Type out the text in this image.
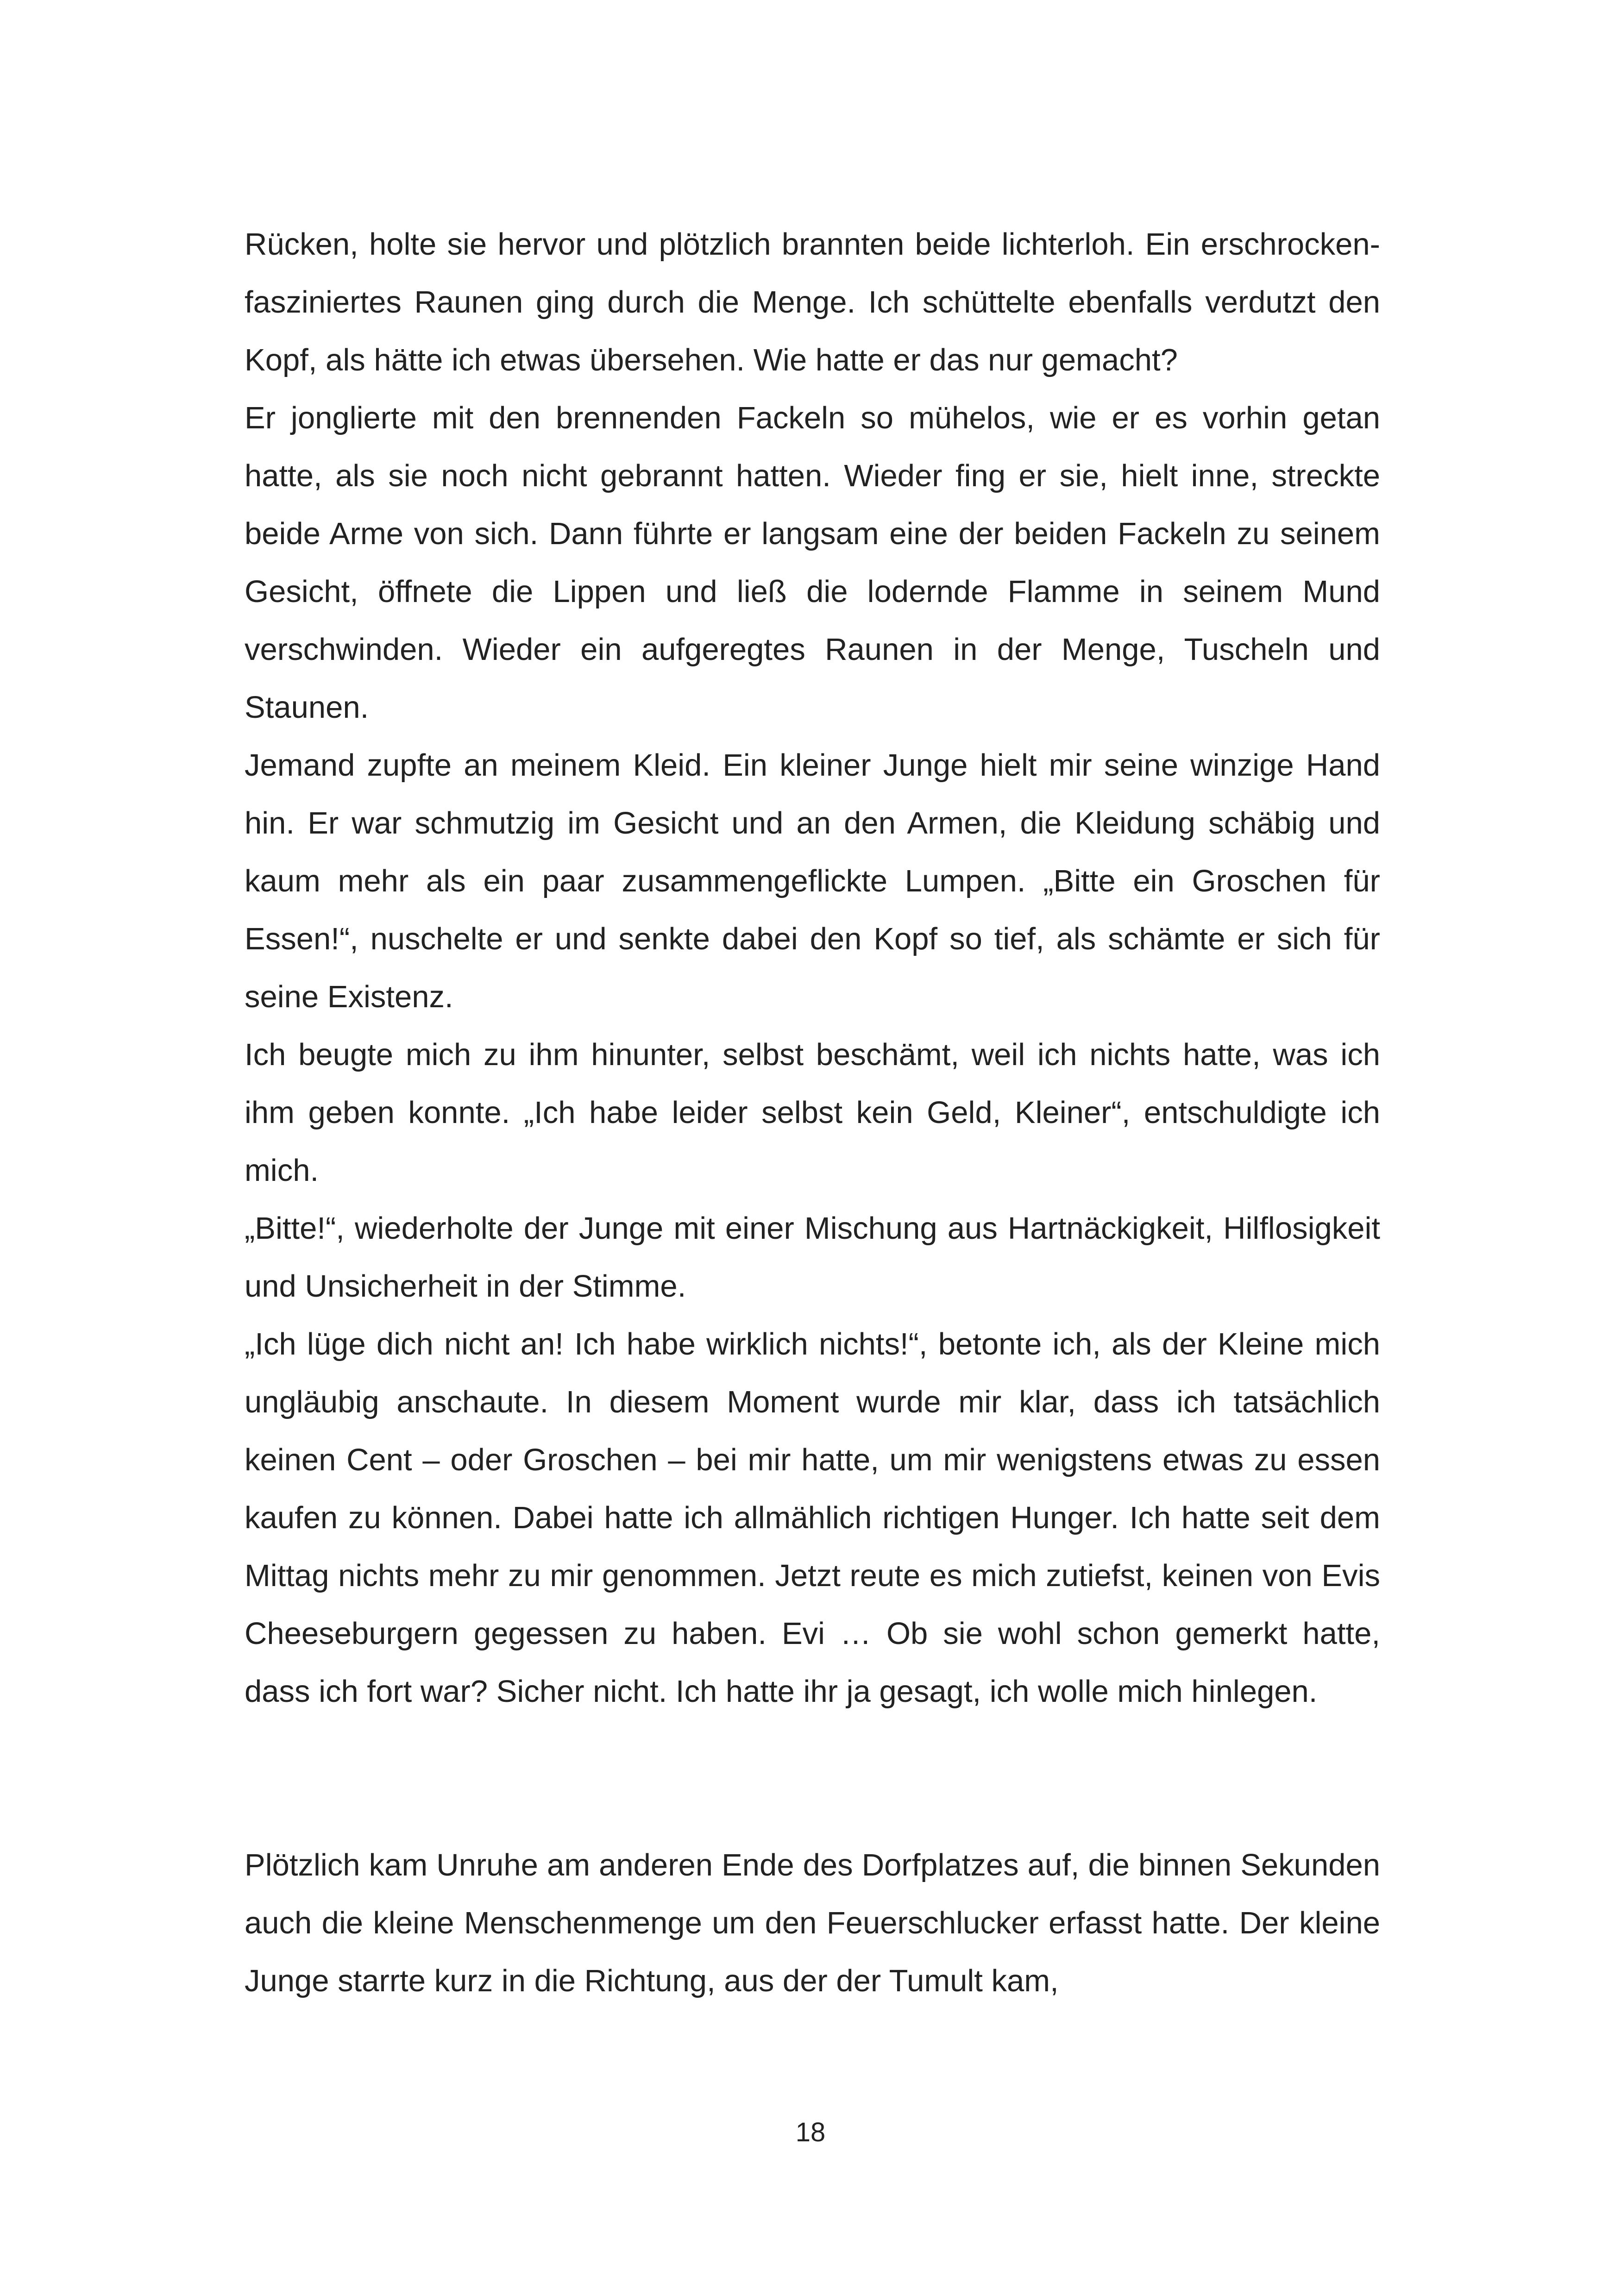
Rücken, holte sie hervor und plötzlich brannten beide lichterloh. Ein erschrocken-fasziniertes Raunen ging durch die Menge. Ich schüttelte ebenfalls verdutzt den Kopf, als hätte ich etwas übersehen. Wie hatte er das nur gemacht?

Er jonglierte mit den brennenden Fackeln so mühelos, wie er es vorhin getan hatte, als sie noch nicht gebrannt hatten. Wieder fing er sie, hielt inne, streckte beide Arme von sich. Dann führte er langsam eine der beiden Fackeln zu seinem Gesicht, öffnete die Lippen und ließ die lodernde Flamme in seinem Mund verschwinden. Wieder ein aufgeregtes Raunen in der Menge, Tuscheln und Staunen.

Jemand zupfte an meinem Kleid. Ein kleiner Junge hielt mir seine winzige Hand hin. Er war schmutzig im Gesicht und an den Armen, die Kleidung schäbig und kaum mehr als ein paar zusammengeflickte Lumpen. „Bitte ein Groschen für Essen!“, nuschelte er und senkte dabei den Kopf so tief, als schämte er sich für seine Existenz.

Ich beugte mich zu ihm hinunter, selbst beschämt, weil ich nichts hatte, was ich ihm geben konnte. „Ich habe leider selbst kein Geld, Kleiner“, entschuldigte ich mich.

„Bitte!“, wiederholte der Junge mit einer Mischung aus Hartnäckigkeit, Hilflosigkeit und Unsicherheit in der Stimme.

„Ich lüge dich nicht an! Ich habe wirklich nichts!“, betonte ich, als der Kleine mich ungläubig anschaute. In diesem Moment wurde mir klar, dass ich tatsächlich keinen Cent – oder Groschen – bei mir hatte, um mir wenigstens etwas zu essen kaufen zu können. Dabei hatte ich allmählich richtigen Hunger. Ich hatte seit dem Mittag nichts mehr zu mir genommen. Jetzt reute es mich zutiefst, keinen von Evis Cheeseburgern gegessen zu haben. Evi … Ob sie wohl schon gemerkt hatte, dass ich fort war? Sicher nicht. Ich hatte ihr ja gesagt, ich wolle mich hinlegen.

Plötzlich kam Unruhe am anderen Ende des Dorfplatzes auf, die binnen Sekunden auch die kleine Menschenmenge um den Feuerschlucker erfasst hatte. Der kleine Junge starrte kurz in die Richtung, aus der der Tumult kam,

18
